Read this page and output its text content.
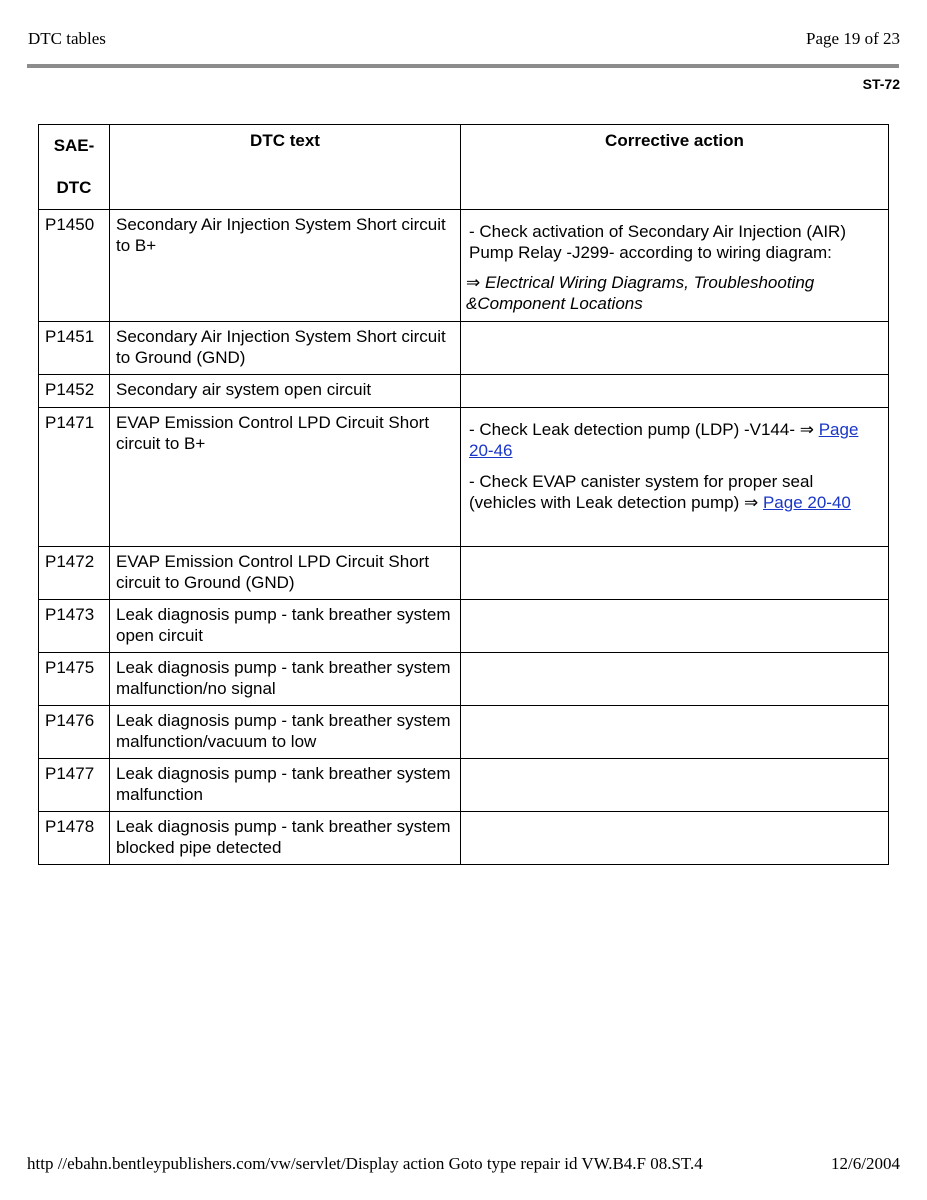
DTC tables	Page 19 of 23
ST-72
SAE-
DTC	DTC text	Corrective action
P1450	Secondary Air Injection System Short circuit to B+	- Check activation of Secondary Air Injection (AIR) Pump Relay -J299- according to wiring diagram:
⇒ Electrical Wiring Diagrams, Troubleshooting &Component Locations

P1451	Secondary Air Injection System Short circuit to Ground (GND)	
P1452	Secondary air system open circuit	
P1471	EVAP Emission Control LPD Circuit Short circuit to B+	- Check Leak detection pump (LDP) -V144- ⇒ Page 20-46
- Check EVAP canister system for proper seal (vehicles with Leak detection pump) ⇒ Page 20-40

P1472	EVAP Emission Control LPD Circuit Short circuit to Ground (GND)	
P1473	Leak diagnosis pump - tank breather system open circuit	
P1475	Leak diagnosis pump - tank breather system malfunction/no signal	
P1476	Leak diagnosis pump - tank breather system malfunction/vacuum to low	
P1477	Leak diagnosis pump - tank breather system malfunction	
P1478	Leak diagnosis pump - tank breather system blocked pipe detected	
http //ebahn.bentleypublishers.com/vw/servlet/Display action Goto type repair id VW.B4.F 08.ST.4	12/6/2004
